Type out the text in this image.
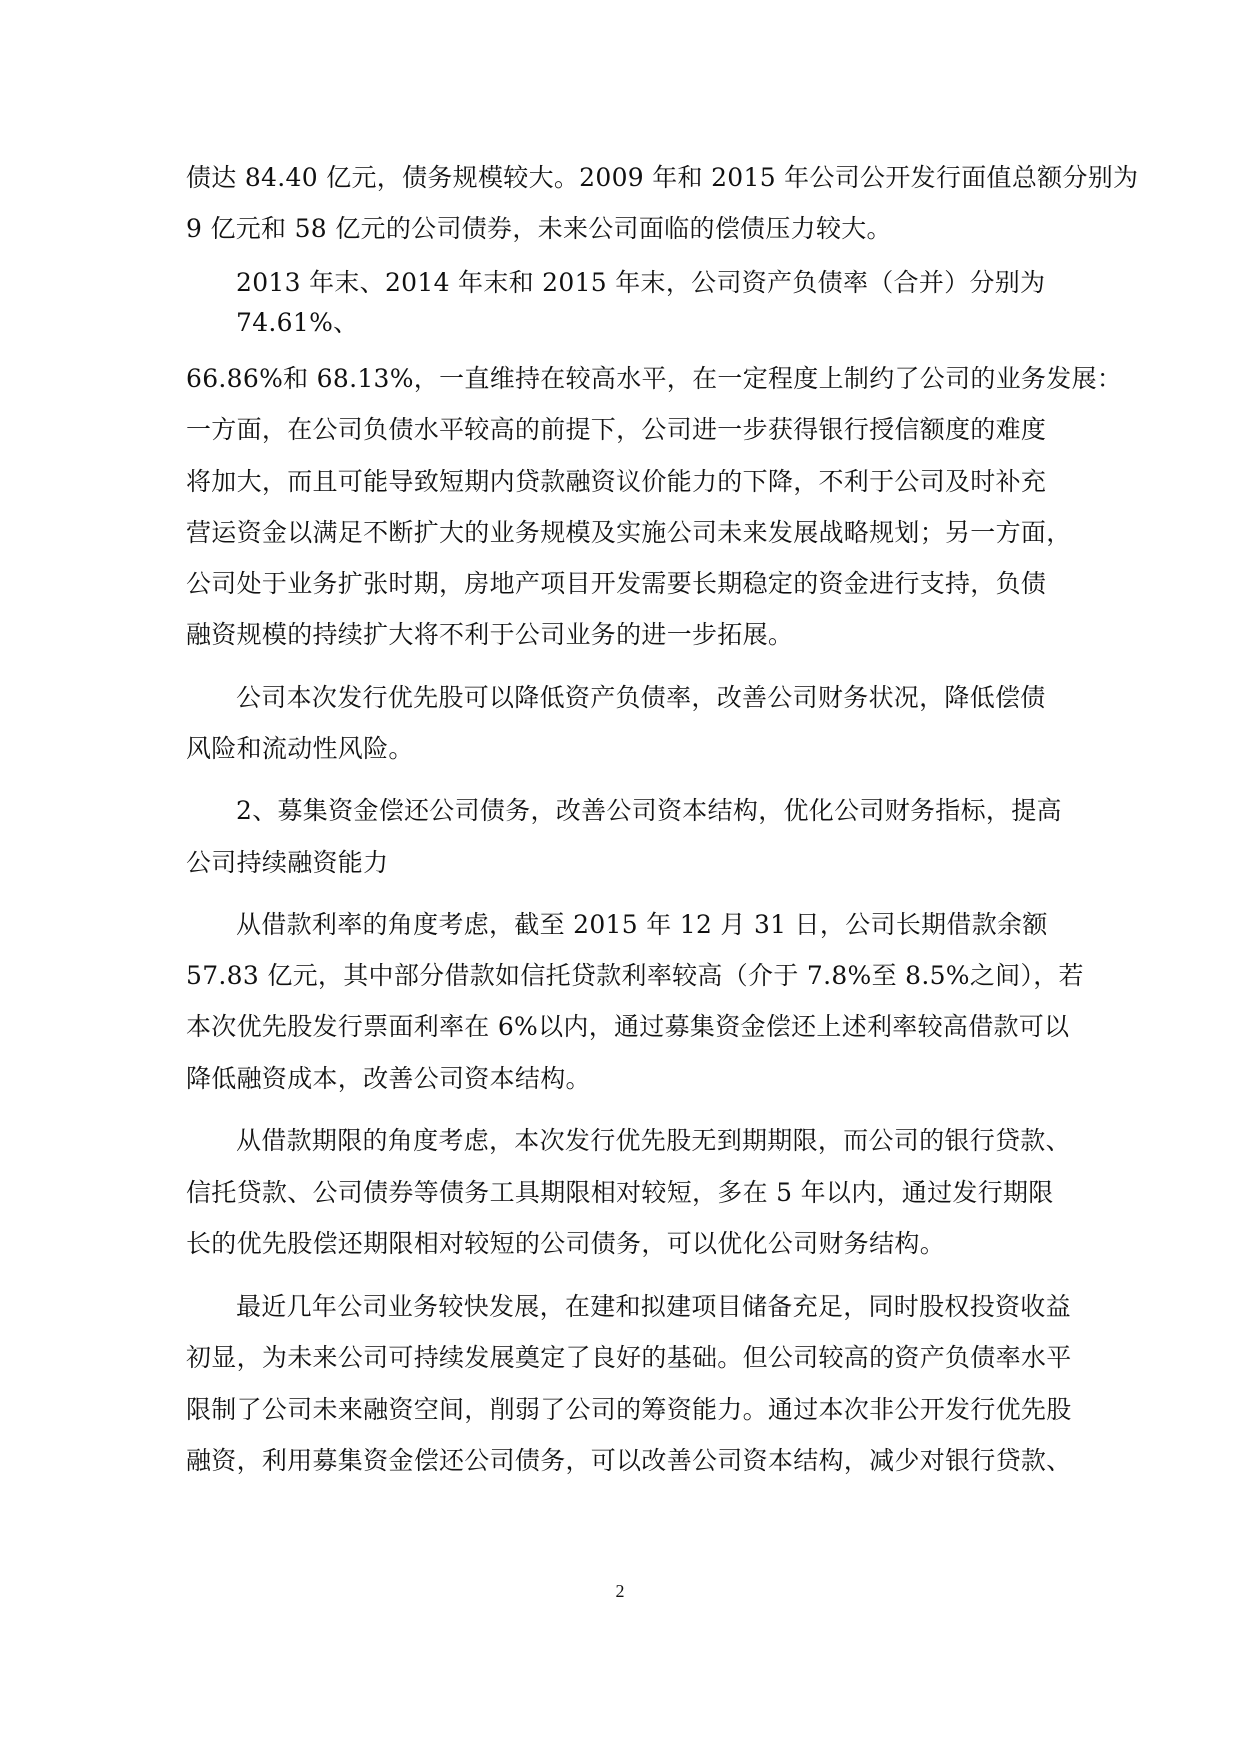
债达 84.40 亿元，债务规模较大。2009 年和 2015 年公司公开发行面值总额分别为
9 亿元和 58 亿元的公司债券，未来公司面临的偿债压力较大。
2013 年末、2014 年末和 2015 年末，公司资产负债率（合并）分别为
74.61%、
66.86%和 68.13%，一直维持在较高水平，在一定程度上制约了公司的业务发展：
一方面，在公司负债水平较高的前提下，公司进一步获得银行授信额度的难度
将加大，而且可能导致短期内贷款融资议价能力的下降，不利于公司及时补充
营运资金以满足不断扩大的业务规模及实施公司未来发展战略规划；另一方面，
公司处于业务扩张时期，房地产项目开发需要长期稳定的资金进行支持，负债
融资规模的持续扩大将不利于公司业务的进一步拓展。
公司本次发行优先股可以降低资产负债率，改善公司财务状况，降低偿债
风险和流动性风险。
2、募集资金偿还公司债务，改善公司资本结构，优化公司财务指标，提高
公司持续融资能力
从借款利率的角度考虑，截至 2015 年 12 月 31 日，公司长期借款余额
57.83 亿元，其中部分借款如信托贷款利率较高（介于 7.8%至 8.5%之间），若
本次优先股发行票面利率在 6%以内，通过募集资金偿还上述利率较高借款可以
降低融资成本，改善公司资本结构。
从借款期限的角度考虑，本次发行优先股无到期期限，而公司的银行贷款、
信托贷款、公司债券等债务工具期限相对较短，多在 5 年以内，通过发行期限
长的优先股偿还期限相对较短的公司债务，可以优化公司财务结构。
最近几年公司业务较快发展，在建和拟建项目储备充足，同时股权投资收益
初显，为未来公司可持续发展奠定了良好的基础。但公司较高的资产负债率水平
限制了公司未来融资空间，削弱了公司的筹资能力。通过本次非公开发行优先股
融资，利用募集资金偿还公司债务，可以改善公司资本结构，减少对银行贷款、
2
